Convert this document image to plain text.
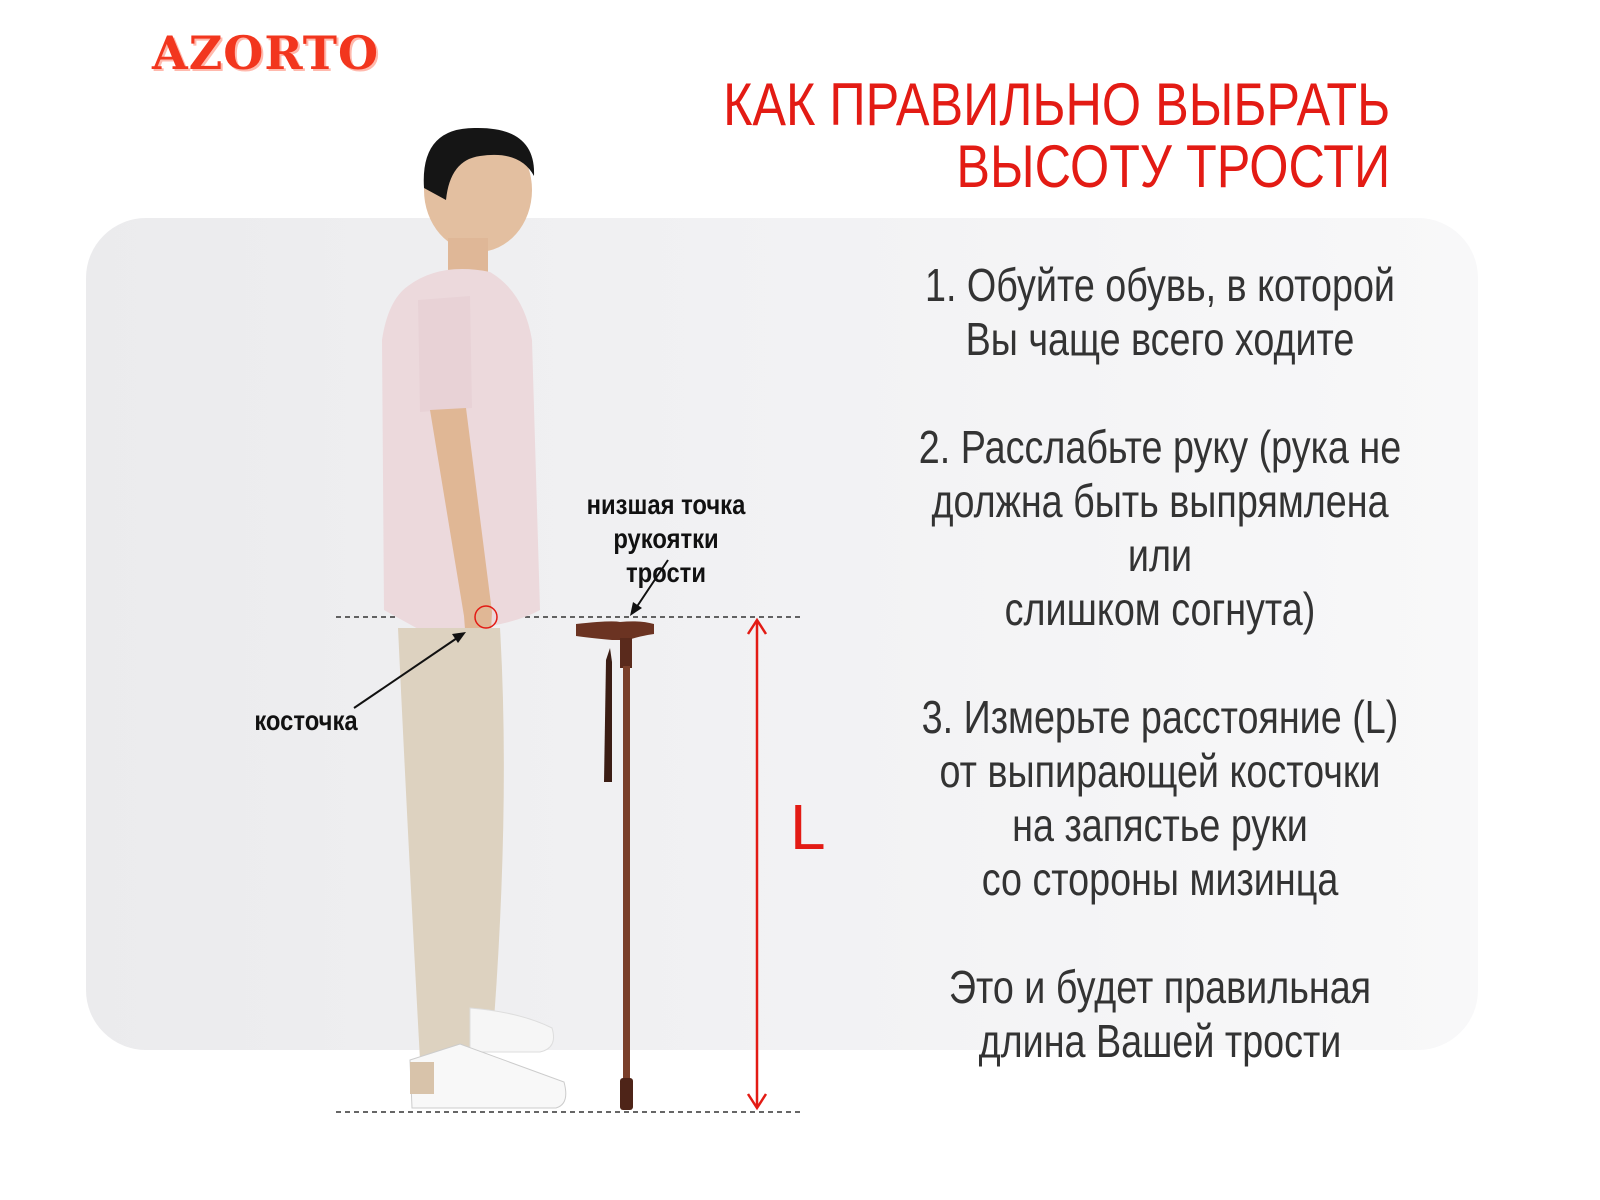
AZORTO
КАК ПРАВИЛЬНО ВЫБРАТЬ
ВЫСОТУ ТРОСТИ
низшая точка
рукоятки трости
косточка
L
1. Обуйте обувь, в которой
Вы чаще всего ходите
2. Расслабьте руку (рука не
должна быть выпрямлена или
слишком согнута)
3. Измерьте расстояние (L)
от выпирающей косточки
на запястье руки
со стороны мизинца
Это и будет правильная
длина Вашей трости
